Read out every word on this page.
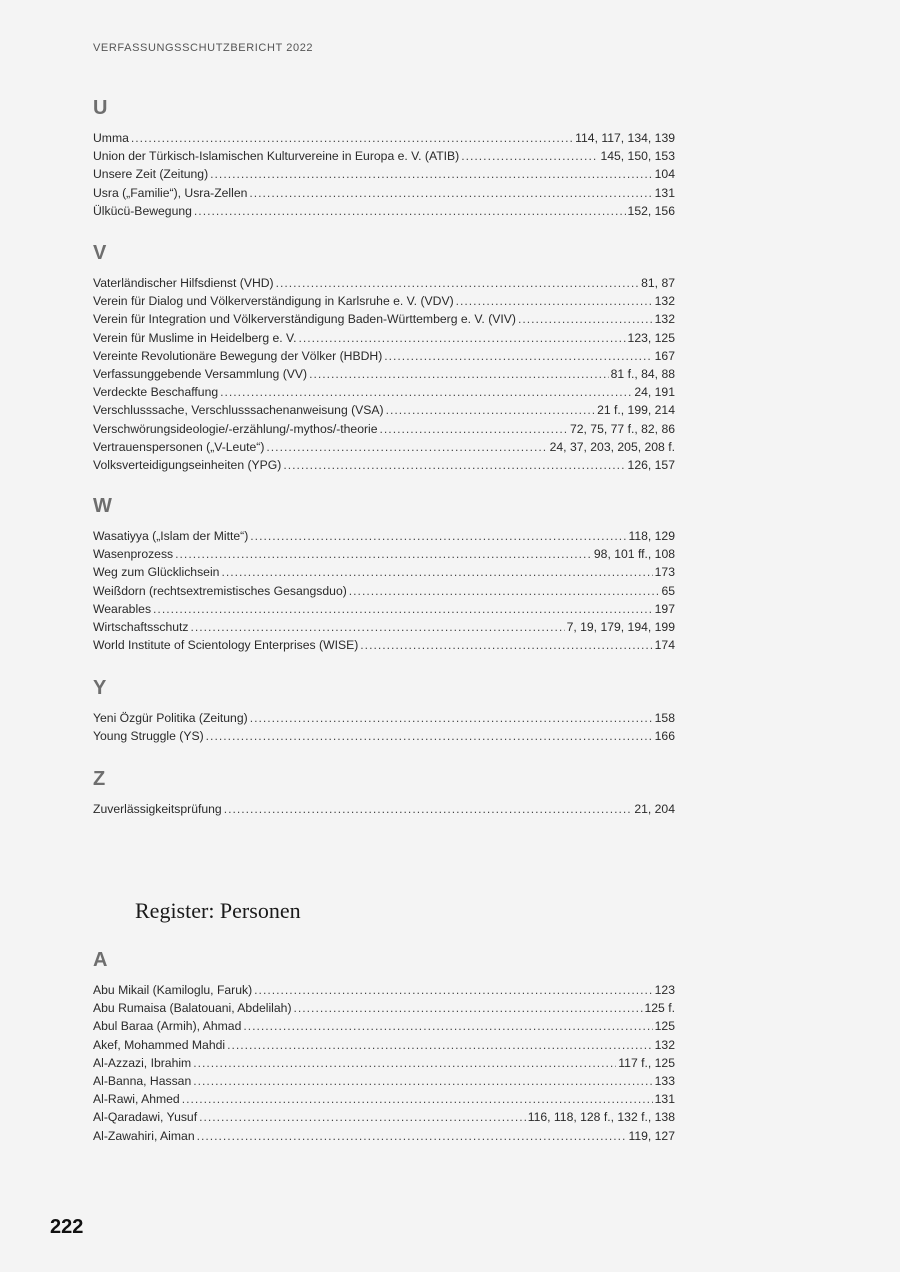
VERFASSUNGSSCHUTZBERICHT 2022
U
Umma .....	114, 117, 134, 139
Union der Türkisch-Islamischen Kulturvereine in Europa e. V. (ATIB) .....	145, 150, 153
Unsere Zeit (Zeitung) .....	104
Usra („Familie“), Usra-Zellen .....	131
Ülkücü-Bewegung .....	152, 156
V
Vaterländischer Hilfsdienst (VHD) .....	81, 87
Verein für Dialog und Völkerverständigung in Karlsruhe e. V. (VDV) .....	132
Verein für Integration und Völkerverständigung Baden-Württemberg e. V. (VIV) .....	132
Verein für Muslime in Heidelberg e. V. .....	123, 125
Vereinte Revolutionäre Bewegung der Völker (HBDH) .....	167
Verfassunggebende Versammlung (VV) .....	81 f., 84, 88
Verdeckte Beschaffung .....	24, 191
Verschlusssache, Verschlusssachenanweisung (VSA) .....	21 f., 199, 214
Verschwörungsideologie/-erzählung/-mythos/-theorie .....	72, 75, 77 f., 82, 86
Vertrauenspersonen („V-Leute“) .....	24, 37, 203, 205, 208 f.
Volksverteidigungseinheiten (YPG) .....	126, 157
W
Wasatiyya („Islam der Mitte“) .....	118, 129
Wasenprozess .....	98, 101 ff., 108
Weg zum Glücklichsein .....	173
Weißdorn (rechtsextremistisches Gesangsduo) .....	65
Wearables .....	197
Wirtschaftsschutz .....	7, 19, 179, 194, 199
World Institute of Scientology Enterprises (WISE) .....	174
Y
Yeni Özgür Politika (Zeitung) .....	158
Young Struggle (YS) .....	166
Z
Zuverlässigkeitsprüfung .....	21, 204
Register: Personen
A
Abu Mikail (Kamiloglu, Faruk) .....	123
Abu Rumaisa (Balatouani, Abdelilah) .....	125 f.
Abul Baraa (Armih), Ahmad .....	125
Akef, Mohammed Mahdi .....	132
Al-Azzazi, Ibrahim .....	117 f., 125
Al-Banna, Hassan .....	133
Al-Rawi, Ahmed .....	131
Al-Qaradawi, Yusuf .....	116, 118, 128 f., 132 f., 138
Al-Zawahiri, Aiman .....	119, 127
222
